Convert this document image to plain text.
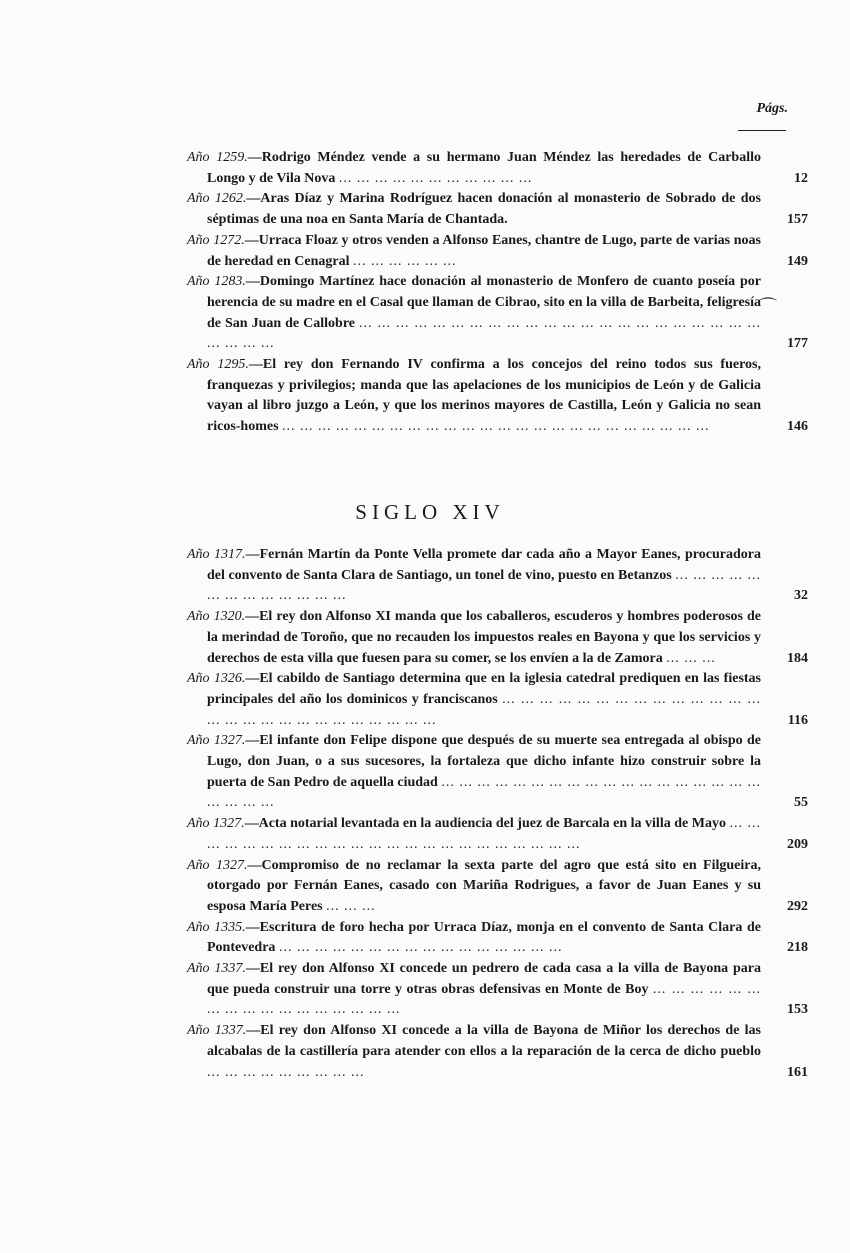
Págs.
⌒
Año 1259.—Rodrigo Méndez vende a su hermano Juan Méndez las heredades de Carballo Longo y de Vila Nova ... ... ... ... ... ... ... ... ... ... ...	12
Año 1262.—Aras Díaz y Marina Rodríguez hacen donación al monasterio de Sobrado de dos séptimas de una noa en Santa María de Chantada.	157
Año 1272.—Urraca Floaz y otros venden a Alfonso Eanes, chantre de Lugo, parte de varias noas de heredad en Cenagral ... ... ... ... ... ...	149
Año 1283.—Domingo Martínez hace donación al monasterio de Monfero de cuanto poseía por herencia de su madre en el Casal que llaman de Cibrao, sito en la villa de Barbeita, feligresía de San Juan de Callobre ... ... ... ... ... ... ... ... ... ... ... ... ... ... ... ... ... ... ... ... ... ... ... ... ... ...	177
Año 1295.—El rey don Fernando IV confirma a los concejos del reino todos sus fueros, franquezas y privilegios; manda que las apelaciones de los municipios de León y de Galicia vayan al libro juzgo a León, y que los merinos mayores de Castilla, León y Galicia no sean ricos-homes ... ... ... ... ... ... ... ... ... ... ... ... ... ... ... ... ... ... ... ... ... ... ... ...	146
SIGLO XIV
Año 1317.—Fernán Martín da Ponte Vella promete dar cada año a Mayor Eanes, procuradora del convento de Santa Clara de Santiago, un tonel de vino, puesto en Betanzos ... ... ... ... ... ... ... ... ... ... ... ... ...	32
Año 1320.—El rey don Alfonso XI manda que los caballeros, escuderos y hombres poderosos de la merindad de Toroño, que no recauden los impuestos reales en Bayona y que los servicios y derechos de esta villa que fuesen para su comer, se los envíen a la de Zamora ... ... ...	184
Año 1326.—El cabildo de Santiago determina que en la iglesia catedral prediquen en las fiestas principales del año los dominicos y franciscanos ... ... ... ... ... ... ... ... ... ... ... ... ... ... ... ... ... ... ... ... ... ... ... ... ... ... ...	116
Año 1327.—El infante don Felipe dispone que después de su muerte sea entregada al obispo de Lugo, don Juan, o a sus sucesores, la fortaleza que dicho infante hizo construir sobre la puerta de San Pedro de aquella ciudad ... ... ... ... ... ... ... ... ... ... ... ... ... ... ... ... ... ... ... ... ... ...	55
Año 1327.—Acta notarial levantada en la audiencia del juez de Barcala en la villa de Mayo ... ... ... ... ... ... ... ... ... ... ... ... ... ... ... ... ... ... ... ... ... ... ...	209
Año 1327.—Compromiso de no reclamar la sexta parte del agro que está sito en Filgueira, otorgado por Fernán Eanes, casado con Mariña Rodrigues, a favor de Juan Eanes y su esposa María Peres ... ... ...	292
Año 1335.—Escritura de foro hecha por Urraca Díaz, monja en el convento de Santa Clara de Pontevedra ... ... ... ... ... ... ... ... ... ... ... ... ... ... ... ...	218
Año 1337.—El rey don Alfonso XI concede un pedrero de cada casa a la villa de Bayona para que pueda construir una torre y otras obras defensivas en Monte de Boy ... ... ... ... ... ... ... ... ... ... ... ... ... ... ... ... ...	153
Año 1337.—El rey don Alfonso XI concede a la villa de Bayona de Miñor los derechos de las alcabalas de la castillería para atender con ellos a la reparación de la cerca de dicho pueblo ... ... ... ... ... ... ... ... ...	161
